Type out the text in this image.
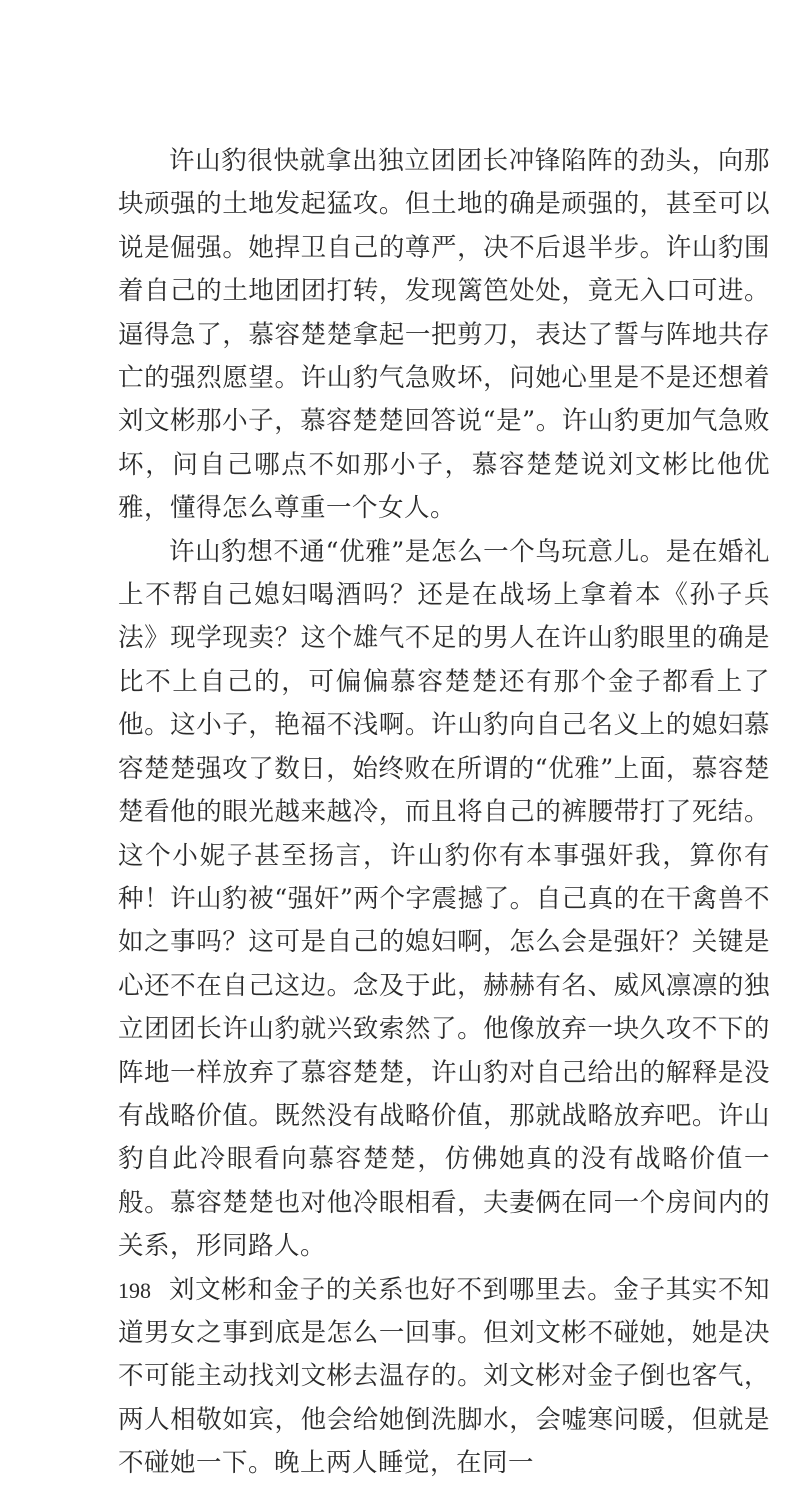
许山豹很快就拿出独立团团长冲锋陷阵的劲头，向那块顽强的土地发起猛攻。但土地的确是顽强的，甚至可以说是倔强。她捍卫自己的尊严，决不后退半步。许山豹围着自己的土地团团打转，发现篱笆处处，竟无入口可进。逼得急了，慕容楚楚拿起一把剪刀，表达了誓与阵地共存亡的强烈愿望。许山豹气急败坏，问她心里是不是还想着刘文彬那小子，慕容楚楚回答说“是”。许山豹更加气急败坏，问自己哪点不如那小子，慕容楚楚说刘文彬比他优雅，懂得怎么尊重一个女人。

许山豹想不通“优雅”是怎么一个鸟玩意儿。是在婚礼上不帮自己媳妇喝酒吗？还是在战场上拿着本《孙子兵法》现学现卖？这个雄气不足的男人在许山豹眼里的确是比不上自己的，可偏偏慕容楚楚还有那个金子都看上了他。这小子，艳福不浅啊。许山豹向自己名义上的媳妇慕容楚楚强攻了数日，始终败在所谓的“优雅”上面，慕容楚楚看他的眼光越来越冷，而且将自己的裤腰带打了死结。这个小妮子甚至扬言，许山豹你有本事强奸我，算你有种！许山豹被“强奸”两个字震撼了。自己真的在干禽兽不如之事吗？这可是自己的媳妇啊，怎么会是强奸？关键是心还不在自己这边。念及于此，赫赫有名、威风凛凛的独立团团长许山豹就兴致索然了。他像放弃一块久攻不下的阵地一样放弃了慕容楚楚，许山豹对自己给出的解释是没有战略价值。既然没有战略价值，那就战略放弃吧。许山豹自此冷眼看向慕容楚楚，仿佛她真的没有战略价值一般。慕容楚楚也对他冷眼相看，夫妻俩在同一个房间内的关系，形同路人。

刘文彬和金子的关系也好不到哪里去。金子其实不知道男女之事到底是怎么一回事。但刘文彬不碰她，她是决不可能主动找刘文彬去温存的。刘文彬对金子倒也客气，两人相敬如宾，他会给她倒洗脚水，会嘘寒问暖，但就是不碰她一下。晚上两人睡觉，在同一

198
